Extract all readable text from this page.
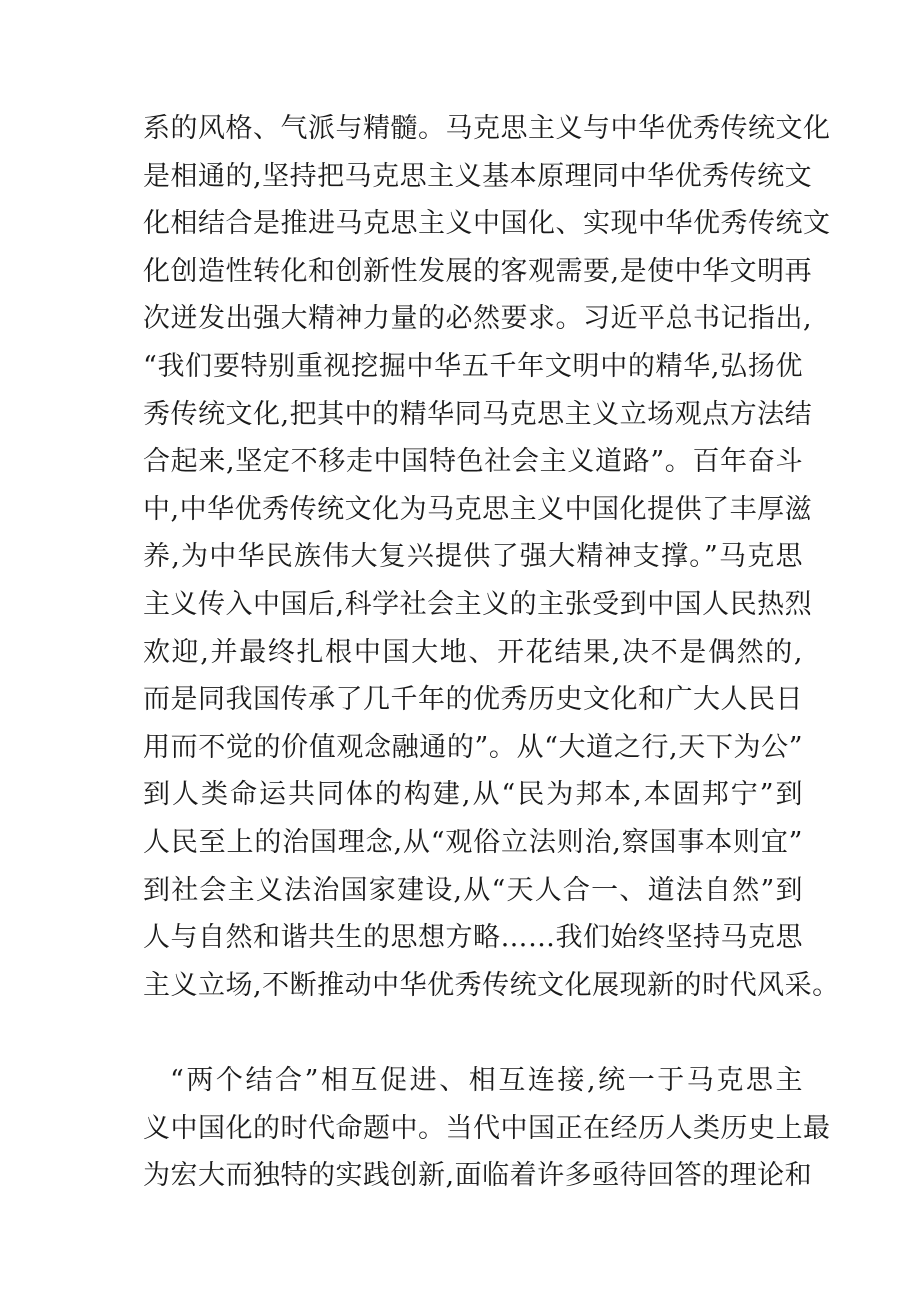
系的风格、气派与精髓。马克思主义与中华优秀传统文化
是相通的,坚持把马克思主义基本原理同中华优秀传统文
化相结合是推进马克思主义中国化、实现中华优秀传统文
化创造性转化和创新性发展的客观需要,是使中华文明再
次迸发出强大精神力量的必然要求。习近平总书记指出,
“我们要特别重视挖掘中华五千年文明中的精华,弘扬优
秀传统文化,把其中的精华同马克思主义立场观点方法结
合起来,坚定不移走中国特色社会主义道路”。百年奋斗
中,中华优秀传统文化为马克思主义中国化提供了丰厚滋
养,为中华民族伟大复兴提供了强大精神支撑。”马克思
主义传入中国后,科学社会主义的主张受到中国人民热烈
欢迎,并最终扎根中国大地、开花结果,决不是偶然的,
而是同我国传承了几千年的优秀历史文化和广大人民日
用而不觉的价值观念融通的”。从“大道之行,天下为公”
到人类命运共同体的构建,从“民为邦本,本固邦宁”到
人民至上的治国理念,从“观俗立法则治,察国事本则宜”
到社会主义法治国家建设,从“天人合一、道法自然”到
人与自然和谐共生的思想方略……我们始终坚持马克思
主义立场,不断推动中华优秀传统文化展现新的时代风采。
“两个结合”相互促进、相互连接,统一于马克思主
义中国化的时代命题中。当代中国正在经历人类历史上最
为宏大而独特的实践创新,面临着许多亟待回答的理论和
